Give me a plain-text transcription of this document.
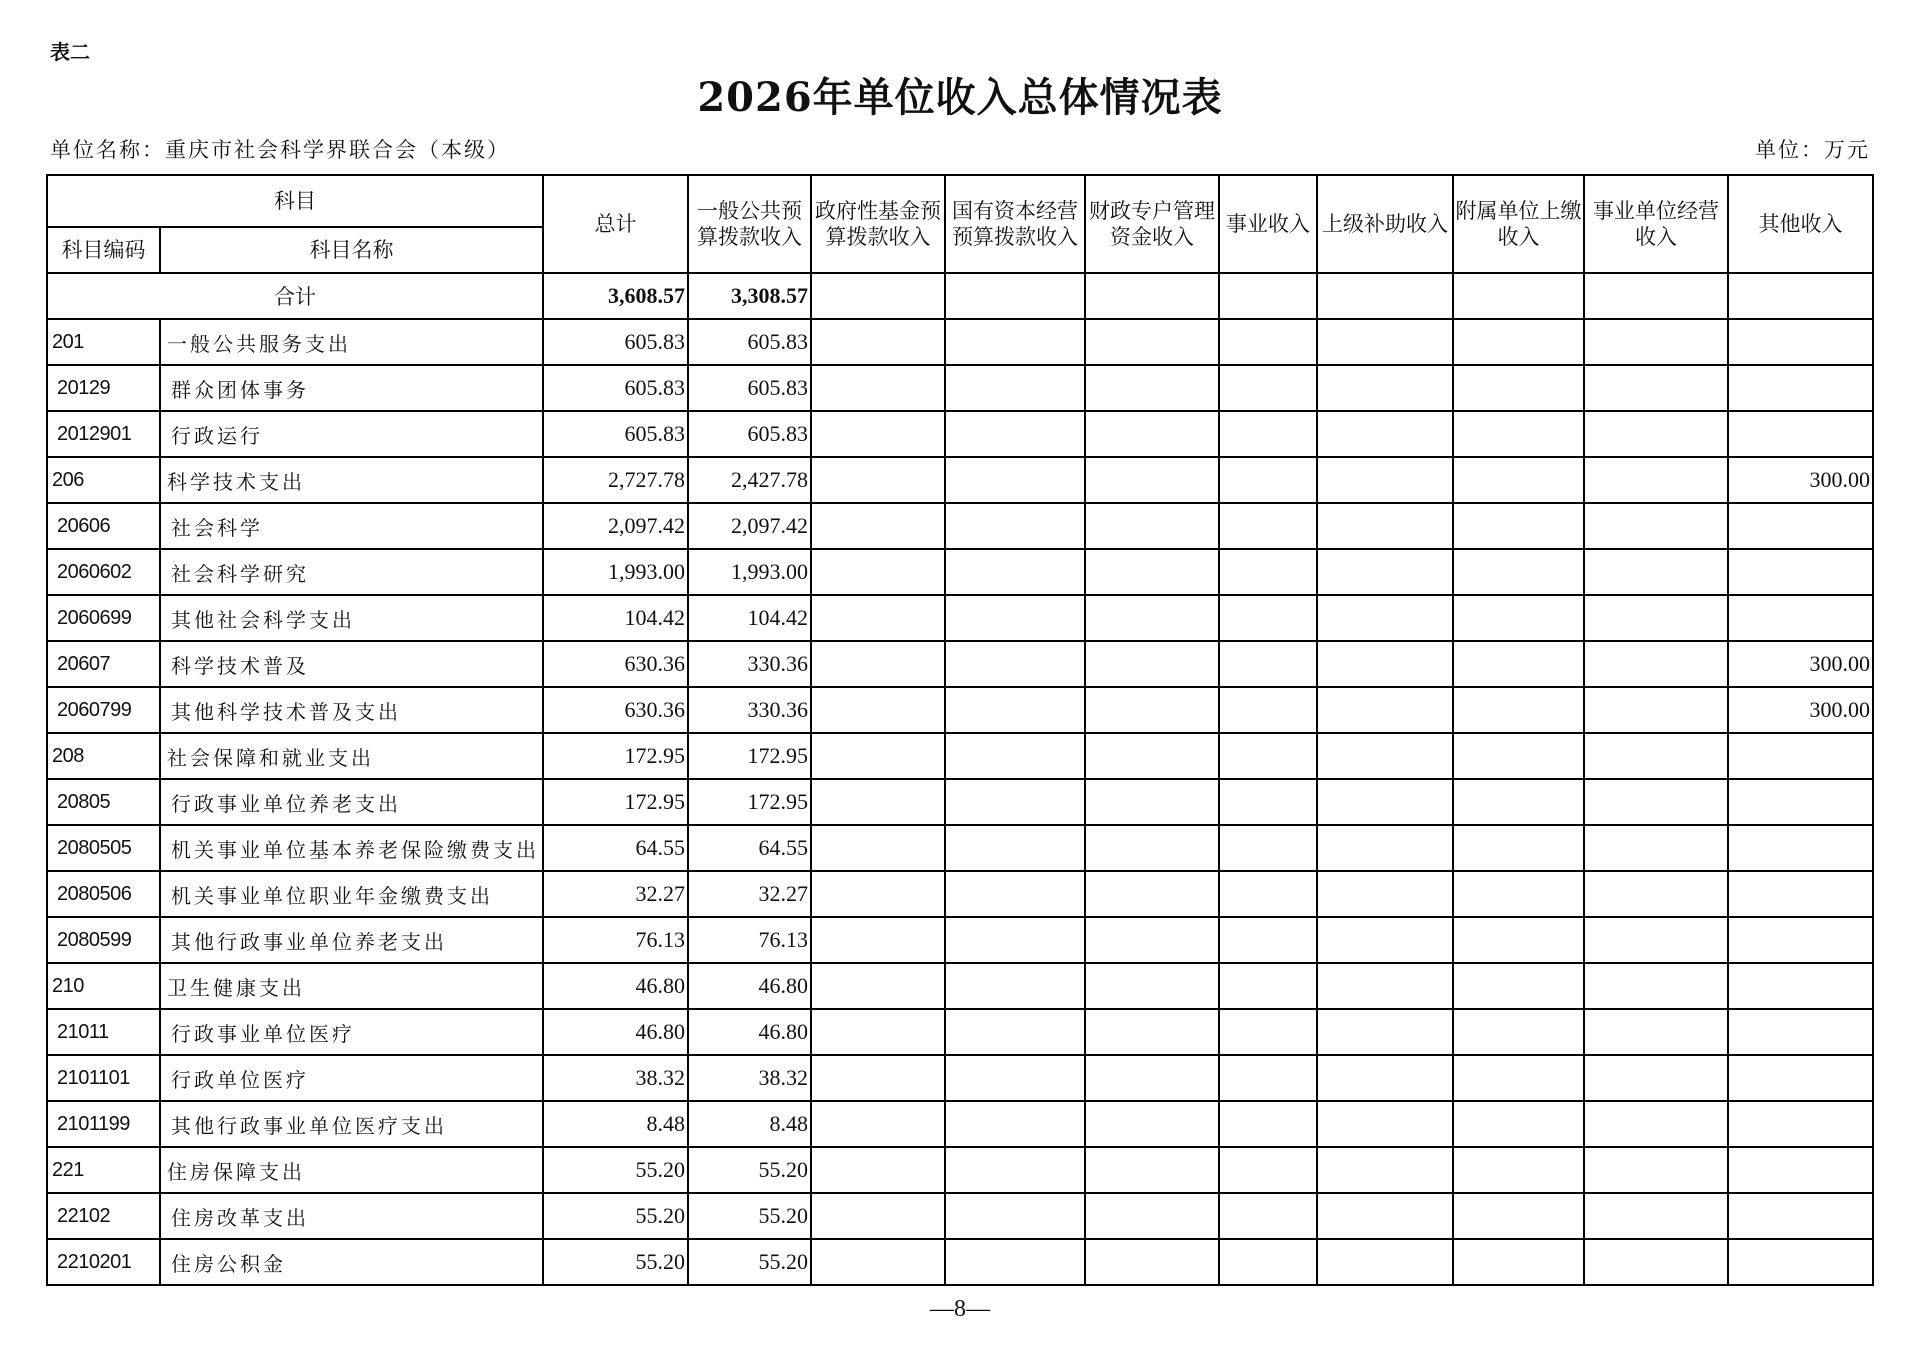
表二
2026年单位收入总体情况表
单位名称：重庆市社会科学界联合会（本级）	单位：万元
科目		总计	一般公共预算拨款收入	政府性基金预算拨款收入	国有资本经营预算拨款收入	财政专户管理资金收入	事业收入	上级补助收入	附属单位上缴收入	事业单位经营收入	其他收入
科目编码	科目名称										
合计		3,608.57	3,308.57								
201	一般公共服务支出	605.83	605.83								
20129	群众团体事务	605.83	605.83								
2012901	行政运行	605.83	605.83								
206	科学技术支出	2,727.78	2,427.78								300.00
20606	社会科学	2,097.42	2,097.42								
2060602	社会科学研究	1,993.00	1,993.00								
2060699	其他社会科学支出	104.42	104.42								
20607	科学技术普及	630.36	330.36								300.00
2060799	其他科学技术普及支出	630.36	330.36								300.00
208	社会保障和就业支出	172.95	172.95								
20805	行政事业单位养老支出	172.95	172.95								
2080505	机关事业单位基本养老保险缴费支出	64.55	64.55								
2080506	机关事业单位职业年金缴费支出	32.27	32.27								
2080599	其他行政事业单位养老支出	76.13	76.13								
210	卫生健康支出	46.80	46.80								
21011	行政事业单位医疗	46.80	46.80								
2101101	行政单位医疗	38.32	38.32								
2101199	其他行政事业单位医疗支出	8.48	8.48								
221	住房保障支出	55.20	55.20								
22102	住房改革支出	55.20	55.20								
2210201	住房公积金	55.20	55.20								
—8—
